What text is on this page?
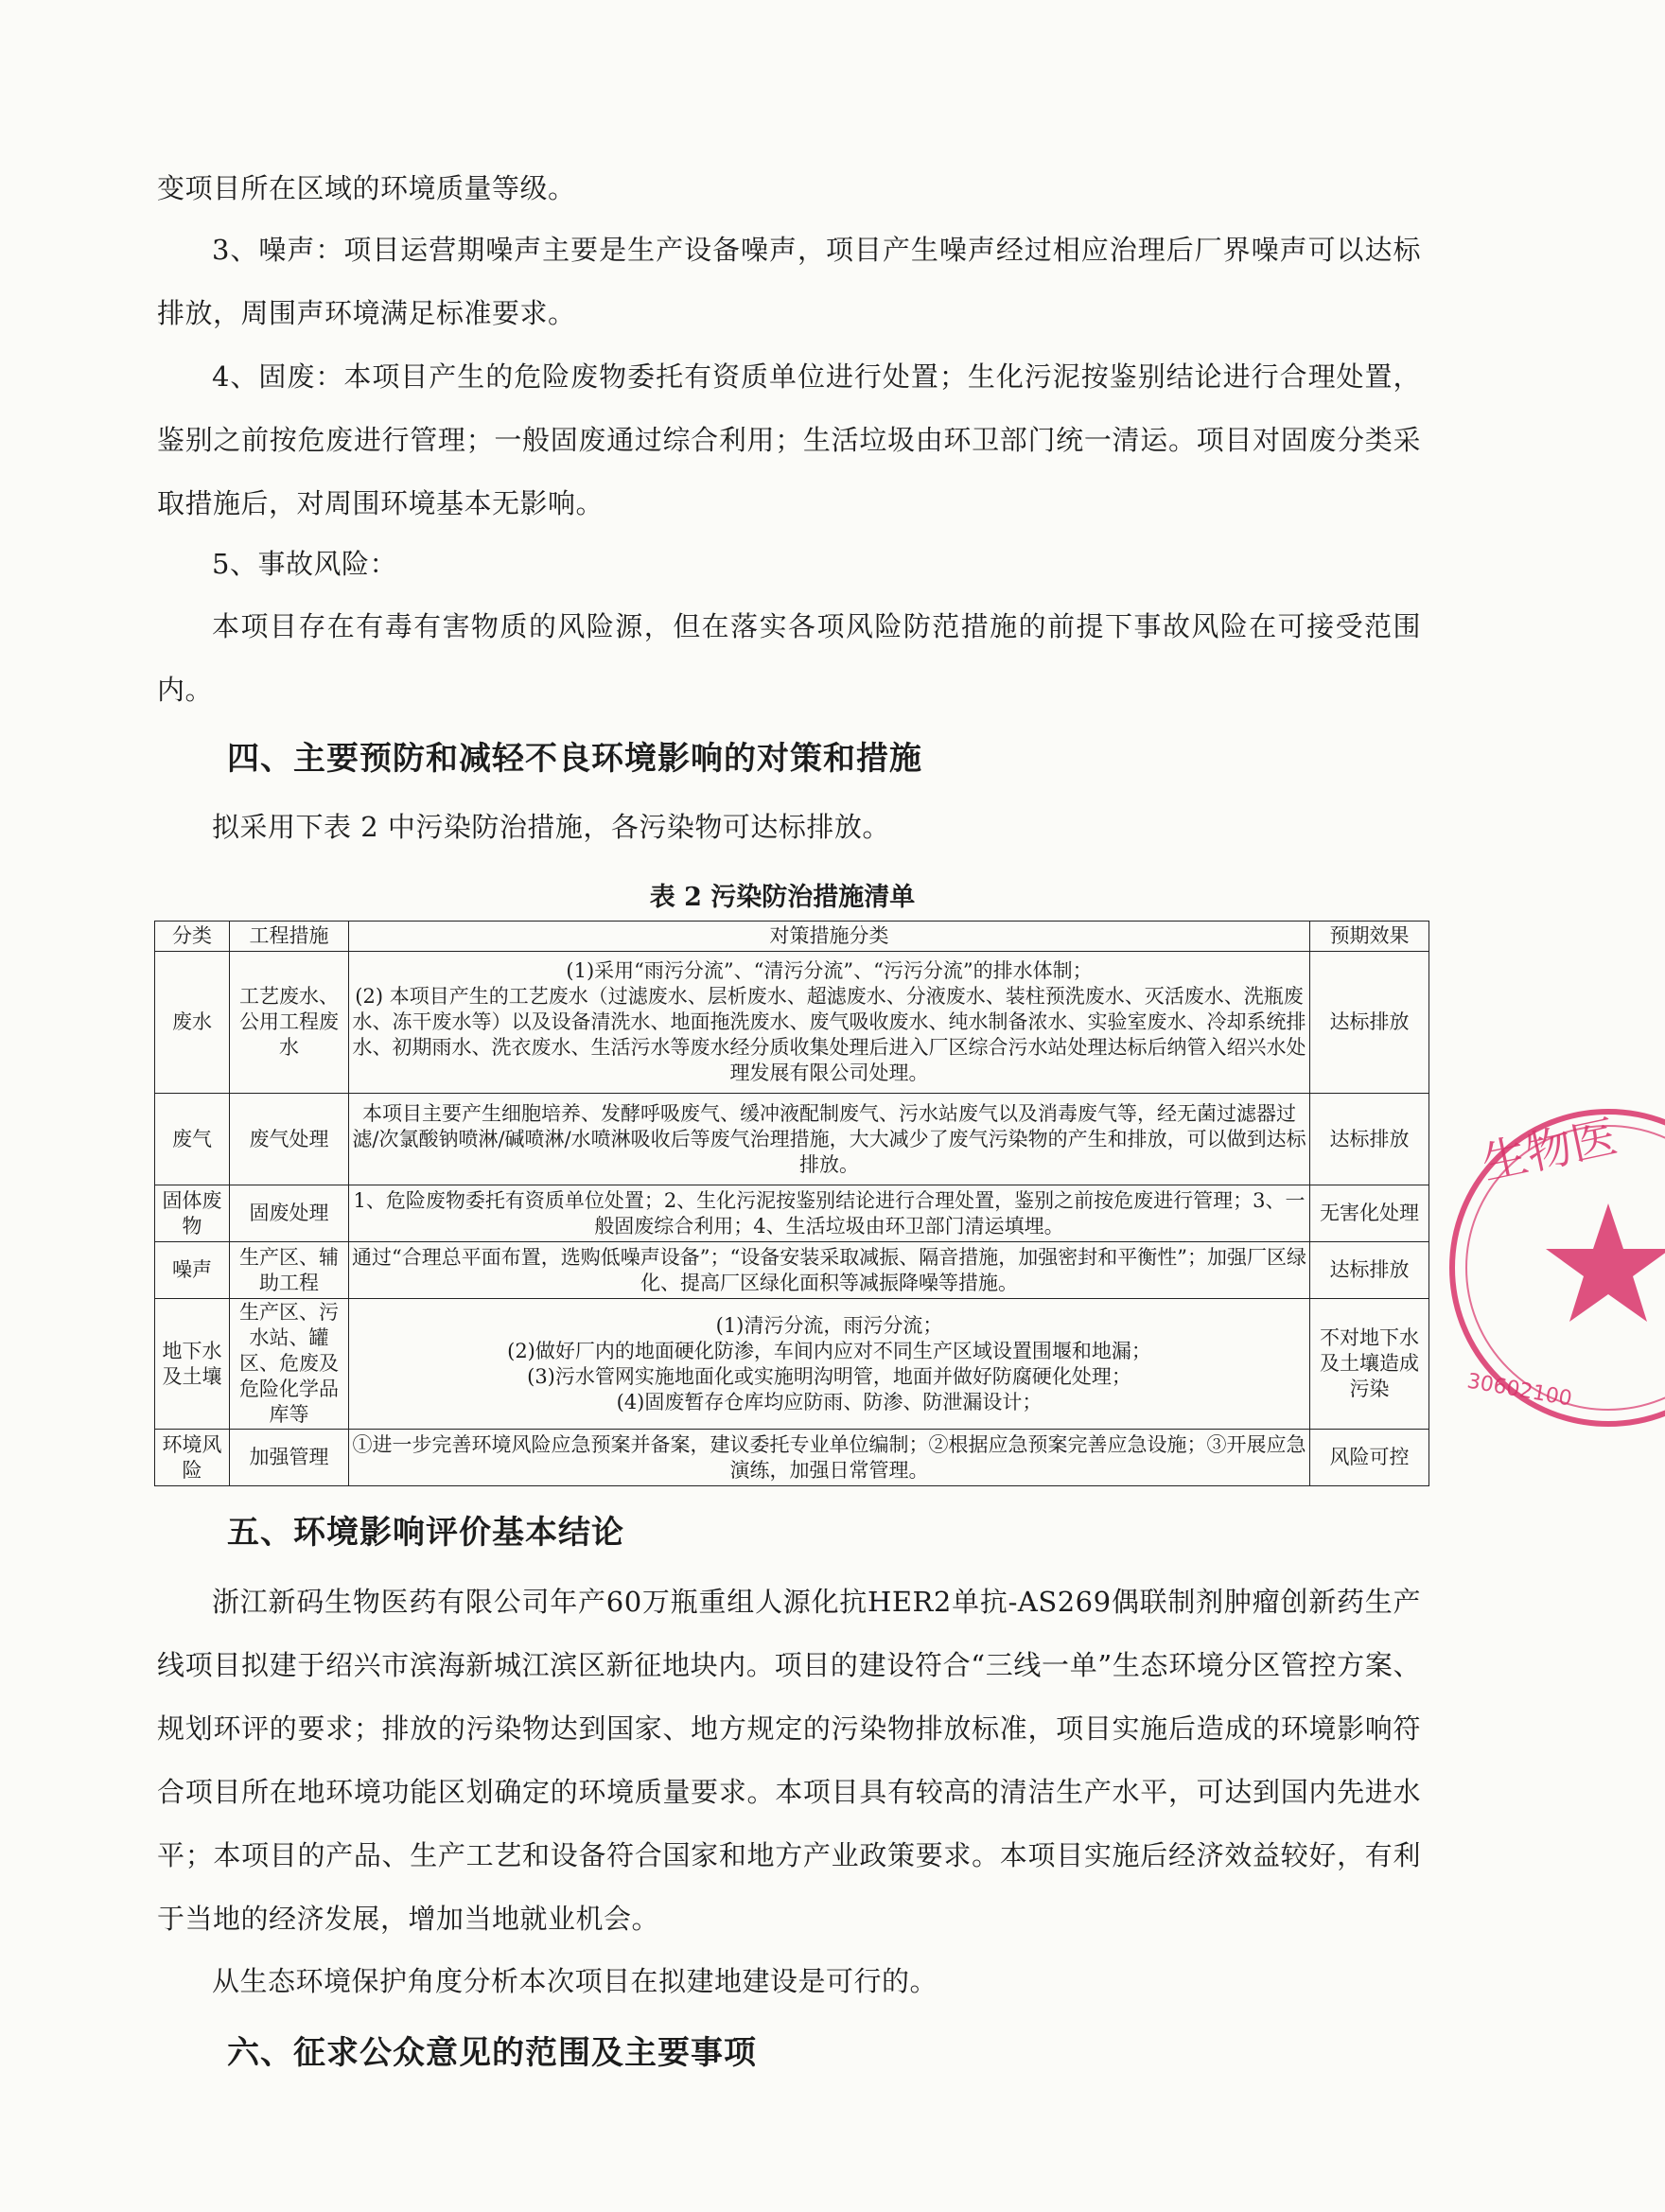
变项目所在区域的环境质量等级。
3、噪声：项目运营期噪声主要是生产设备噪声，项目产生噪声经过相应治理后厂界噪声可以达标排放，周围声环境满足标准要求。
4、固废：本项目产生的危险废物委托有资质单位进行处置；生化污泥按鉴别结论进行合理处置，鉴别之前按危废进行管理；一般固废通过综合利用；生活垃圾由环卫部门统一清运。项目对固废分类采取措施后，对周围环境基本无影响。
5、事故风险：
本项目存在有毒有害物质的风险源，但在落实各项风险防范措施的前提下事故风险在可接受范围内。
四、主要预防和减轻不良环境影响的对策和措施
拟采用下表 2 中污染防治措施，各污染物可达标排放。
表 2 污染防治措施清单
分类	工程措施	对策措施分类	预期效果
废水	工艺废水、公用工程废水	(1)采用“雨污分流”、“清污分流”、“污污分流”的排水体制；
(2) 本项目产生的工艺废水（过滤废水、层析废水、超滤废水、分液废水、装柱预洗废水、灭活废水、洗瓶废水、冻干废水等）以及设备清洗水、地面拖洗废水、废气吸收废水、纯水制备浓水、实验室废水、冷却系统排水、初期雨水、洗衣废水、生活污水等废水经分质收集处理后进入厂区综合污水站处理达标后纳管入绍兴水处理发展有限公司处理。	达标排放
废气	废气处理	本项目主要产生细胞培养、发酵呼吸废气、缓冲液配制废气、污水站废气以及消毒废气等，经无菌过滤器过滤/次氯酸钠喷淋/碱喷淋/水喷淋吸收后等废气治理措施，大大减少了废气污染物的产生和排放，可以做到达标排放。	达标排放
固体废物	固废处理	1、危险废物委托有资质单位处置；2、生化污泥按鉴别结论进行合理处置，鉴别之前按危废进行管理；3、一般固废综合利用；4、生活垃圾由环卫部门清运填埋。	无害化处理
噪声	生产区、辅助工程	通过“合理总平面布置，选购低噪声设备”；“设备安装采取减振、隔音措施，加强密封和平衡性”；加强厂区绿化、提高厂区绿化面积等减振降噪等措施。	达标排放
地下水及土壤	生产区、污水站、罐区、危废及危险化学品库等	(1)清污分流，雨污分流；
(2)做好厂内的地面硬化防渗，车间内应对不同生产区域设置围堰和地漏；
(3)污水管网实施地面化或实施明沟明管，地面并做好防腐硬化处理；
(4)固废暂存仓库均应防雨、防渗、防泄漏设计；	不对地下水及土壤造成污染
环境风险	加强管理	①进一步完善环境风险应急预案并备案，建议委托专业单位编制；②根据应急预案完善应急设施；③开展应急演练，加强日常管理。	风险可控
五、环境影响评价基本结论
浙江新码生物医药有限公司年产60万瓶重组人源化抗HER2单抗-AS269偶联制剂肿瘤创新药生产线项目拟建于绍兴市滨海新城江滨区新征地块内。项目的建设符合“三线一单”生态环境分区管控方案、规划环评的要求；排放的污染物达到国家、地方规定的污染物排放标准，项目实施后造成的环境影响符合项目所在地环境功能区划确定的环境质量要求。本项目具有较高的清洁生产水平，可达到国内先进水平；本项目的产品、生产工艺和设备符合国家和地方产业政策要求。本项目实施后经济效益较好，有利于当地的经济发展，增加当地就业机会。
从生态环境保护角度分析本次项目在拟建地建设是可行的。
六、征求公众意见的范围及主要事项
生物医
30602100
